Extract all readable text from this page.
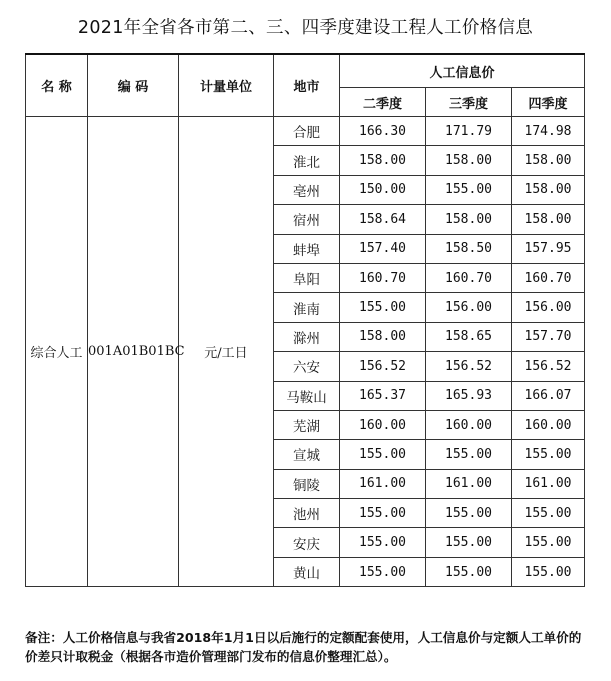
2021年全省各市第二、三、四季度建设工程人工价格信息
名 称	编 码	计量单位	地市	人工信息价		
				二季度	三季度	四季度
综合人工	001A01B01BC	元/工日	合肥	166.30	171.79	174.98
			淮北	158.00	158.00	158.00
			亳州	150.00	155.00	158.00
			宿州	158.64	158.00	158.00
			蚌埠	157.40	158.50	157.95
			阜阳	160.70	160.70	160.70
			淮南	155.00	156.00	156.00
			滁州	158.00	158.65	157.70
			六安	156.52	156.52	156.52
			马鞍山	165.37	165.93	166.07
			芜湖	160.00	160.00	160.00
			宣城	155.00	155.00	155.00
			铜陵	161.00	161.00	161.00
			池州	155.00	155.00	155.00
			安庆	155.00	155.00	155.00
			黄山	155.00	155.00	155.00
备注：人工价格信息与我省2018年1月1日以后施行的定额配套使用，人工信息价与定额人工单价的价差只计取税金（根据各市造价管理部门发布的信息价整理汇总）。
